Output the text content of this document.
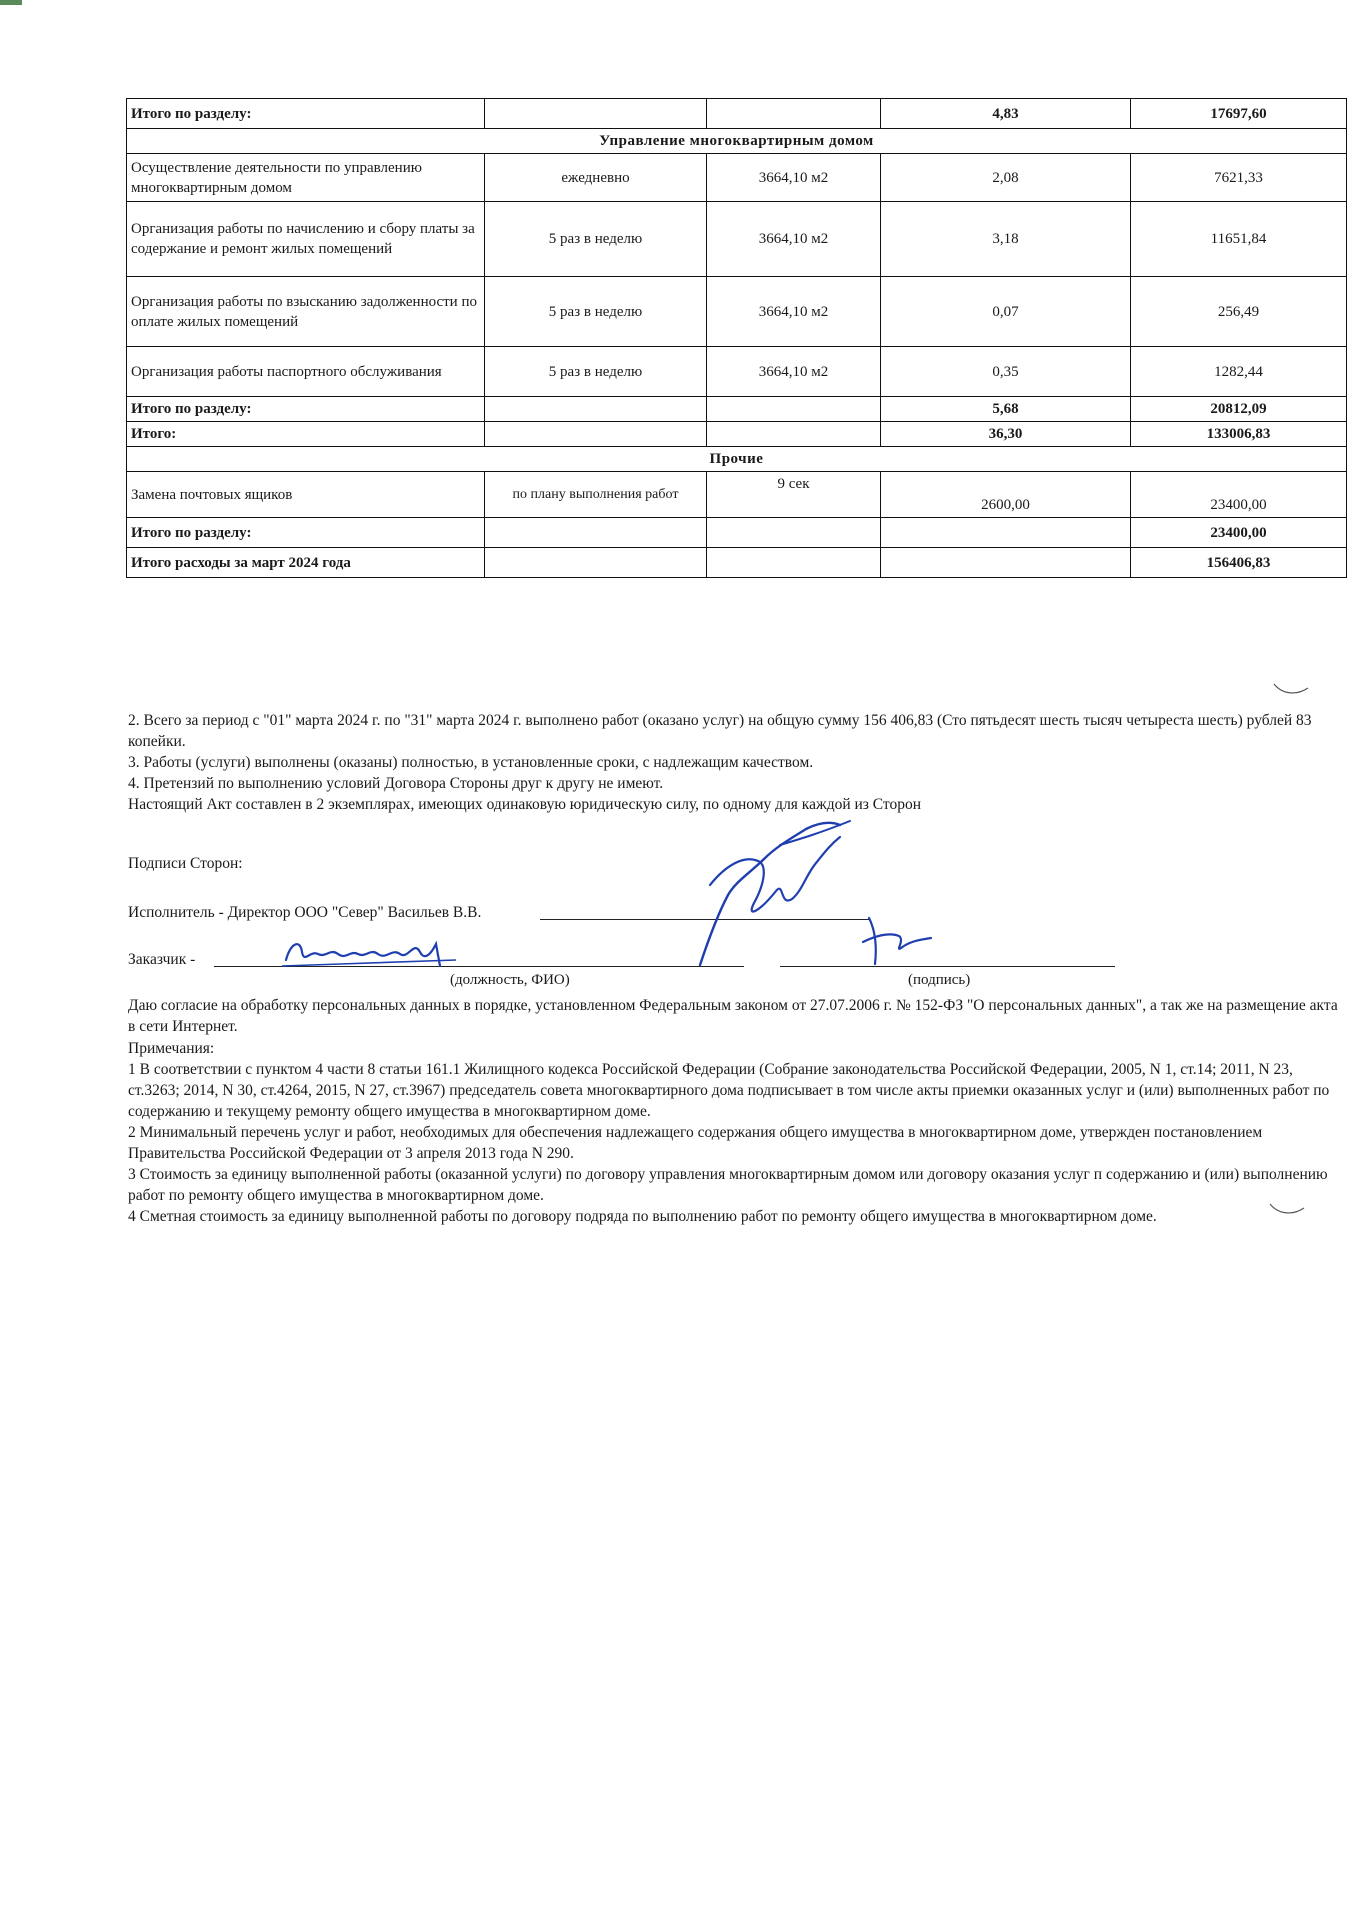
Итого по разделу:			4,83	17697,60
Управление многоквартирным домом				
Осуществление деятельности по управлению многоквартирным домом	ежедневно	3664,10 м2	2,08	7621,33
Организация работы по начислению и сбору платы за содержание и ремонт жилых помещений	5 раз в неделю	3664,10 м2	3,18	11651,84
Организация работы по взысканию задолженности по оплате жилых помещений	5 раз в неделю	3664,10 м2	0,07	256,49
Организация работы паспортного обслуживания	5 раз в неделю	3664,10 м2	0,35	1282,44
Итого по разделу:			5,68	20812,09
Итого:			36,30	133006,83
Прочие				
Замена почтовых ящиков	по плану выполнения работ	9 сек	2600,00	23400,00
Итого по разделу:				23400,00
Итого расходы за март 2024 года				156406,83

2. Всего за период с "01" марта 2024 г. по "31" марта 2024 г. выполнено работ (оказано услуг) на общую сумму 156 406,83 (Сто пятьдесят шесть тысяч четыреста шесть) рублей 83 копейки.

3. Работы (услуги) выполнены (оказаны) полностью, в установленные сроки, с надлежащим качеством.

4. Претензий по выполнению условий Договора Стороны друг к другу не имеют.

Настоящий Акт составлен в 2 экземплярах, имеющих одинаковую юридическую силу, по одному для каждой из Сторон

Подписи Сторон:
Исполнитель - Директор ООО "Север" Васильев В.В.
Заказчик -
(должность, ФИО)	(подпись)
Даю согласие на обработку персональных данных в порядке, установленном Федеральным законом от 27.07.2006 г. № 152-ФЗ "О персональных данных", а так же на размещение акта в сети Интернет.

Примечания:

1 В соответствии с пунктом 4 части 8 статьи 161.1 Жилищного кодекса Российской Федерации (Собрание законодательства Российской Федерации, 2005, N 1, ст.14; 2011, N 23, ст.3263; 2014, N 30, ст.4264, 2015, N 27, ст.3967) председатель совета многоквартирного дома подписывает в том числе акты приемки оказанных услуг и (или) выполненных работ по содержанию и текущему ремонту общего имущества в многоквартирном доме.

2 Минимальный перечень услуг и работ, необходимых для обеспечения надлежащего содержания общего имущества в многоквартирном доме, утвержден постановлением Правительства Российской Федерации от 3 апреля 2013 года N 290.

3 Стоимость за единицу выполненной работы (оказанной услуги) по договору управления многоквартирным домом или договору оказания услуг п содержанию и (или) выполнению работ по ремонту общего имущества в многоквартирном доме.

4 Сметная стоимость за единицу выполненной работы по договору подряда по выполнению работ по ремонту общего имущества в многоквартирном доме.
